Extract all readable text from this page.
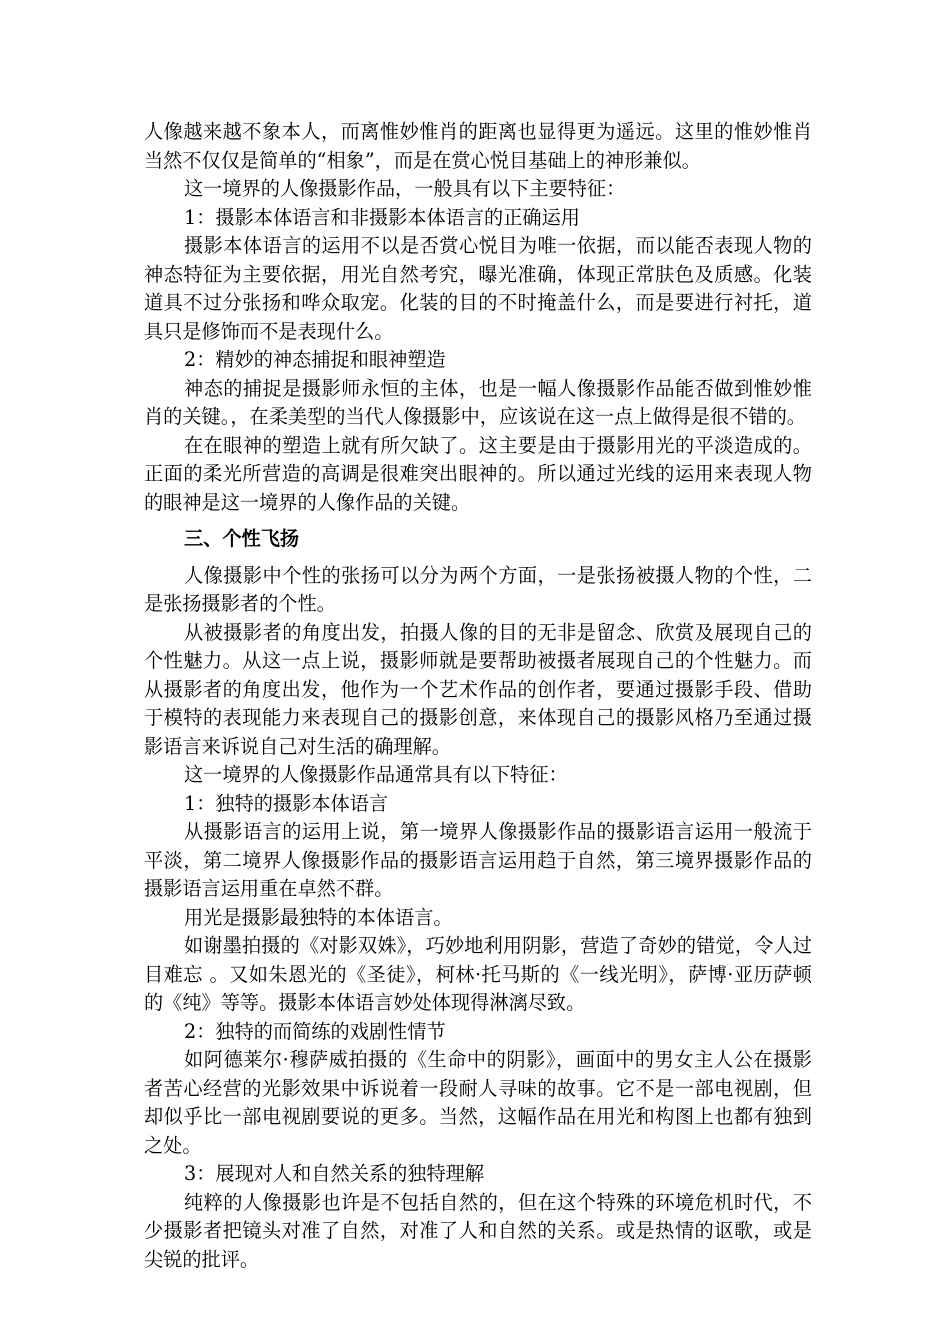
人像越来越不象本人，而离惟妙惟肖的距离也显得更为遥远。这里的惟妙惟肖当然不仅仅是简单的“相象”，而是在赏心悦目基础上的神形兼似。

这一境界的人像摄影作品，一般具有以下主要特征：

1：摄影本体语言和非摄影本体语言的正确运用

摄影本体语言的运用不以是否赏心悦目为唯一依据，而以能否表现人物的神态特征为主要依据，用光自然考究，曝光准确，体现正常肤色及质感。化装道具不过分张扬和哗众取宠。化装的目的不时掩盖什么，而是要进行衬托，道具只是修饰而不是表现什么。

2：精妙的神态捕捉和眼神塑造

神态的捕捉是摄影师永恒的主体，也是一幅人像摄影作品能否做到惟妙惟肖的关键。，在柔美型的当代人像摄影中，应该说在这一点上做得是很不错的。

在在眼神的塑造上就有所欠缺了。这主要是由于摄影用光的平淡造成的。正面的柔光所营造的高调是很难突出眼神的。所以通过光线的运用来表现人物的眼神是这一境界的人像作品的关键。

三、个性飞扬

人像摄影中个性的张扬可以分为两个方面，一是张扬被摄人物的个性，二是张扬摄影者的个性。

从被摄影者的角度出发，拍摄人像的目的无非是留念、欣赏及展现自己的个性魅力。从这一点上说，摄影师就是要帮助被摄者展现自己的个性魅力。而从摄影者的角度出发，他作为一个艺术作品的创作者，要通过摄影手段、借助于模特的表现能力来表现自己的摄影创意，来体现自己的摄影风格乃至通过摄影语言来诉说自己对生活的确理解。

这一境界的人像摄影作品通常具有以下特征：

1：独特的摄影本体语言

从摄影语言的运用上说，第一境界人像摄影作品的摄影语言运用一般流于平淡，第二境界人像摄影作品的摄影语言运用趋于自然，第三境界摄影作品的摄影语言运用重在卓然不群。

用光是摄影最独特的本体语言。

如谢墨拍摄的《对影双姝》，巧妙地利用阴影，营造了奇妙的错觉，令人过目难忘 。又如朱恩光的《圣徒》，柯林·托马斯的《一线光明》，萨博·亚历萨顿的《纯》等等。摄影本体语言妙处体现得淋漓尽致。

2：独特的而简练的戏剧性情节

如阿德莱尔·穆萨威拍摄的《生命中的阴影》，画面中的男女主人公在摄影者苦心经营的光影效果中诉说着一段耐人寻味的故事。它不是一部电视剧，但却似乎比一部电视剧要说的更多。当然，这幅作品在用光和构图上也都有独到之处。

3：展现对人和自然关系的独特理解

纯粹的人像摄影也许是不包括自然的，但在这个特殊的环境危机时代，不少摄影者把镜头对准了自然，对准了人和自然的关系。或是热情的讴歌，或是尖锐的批评。
